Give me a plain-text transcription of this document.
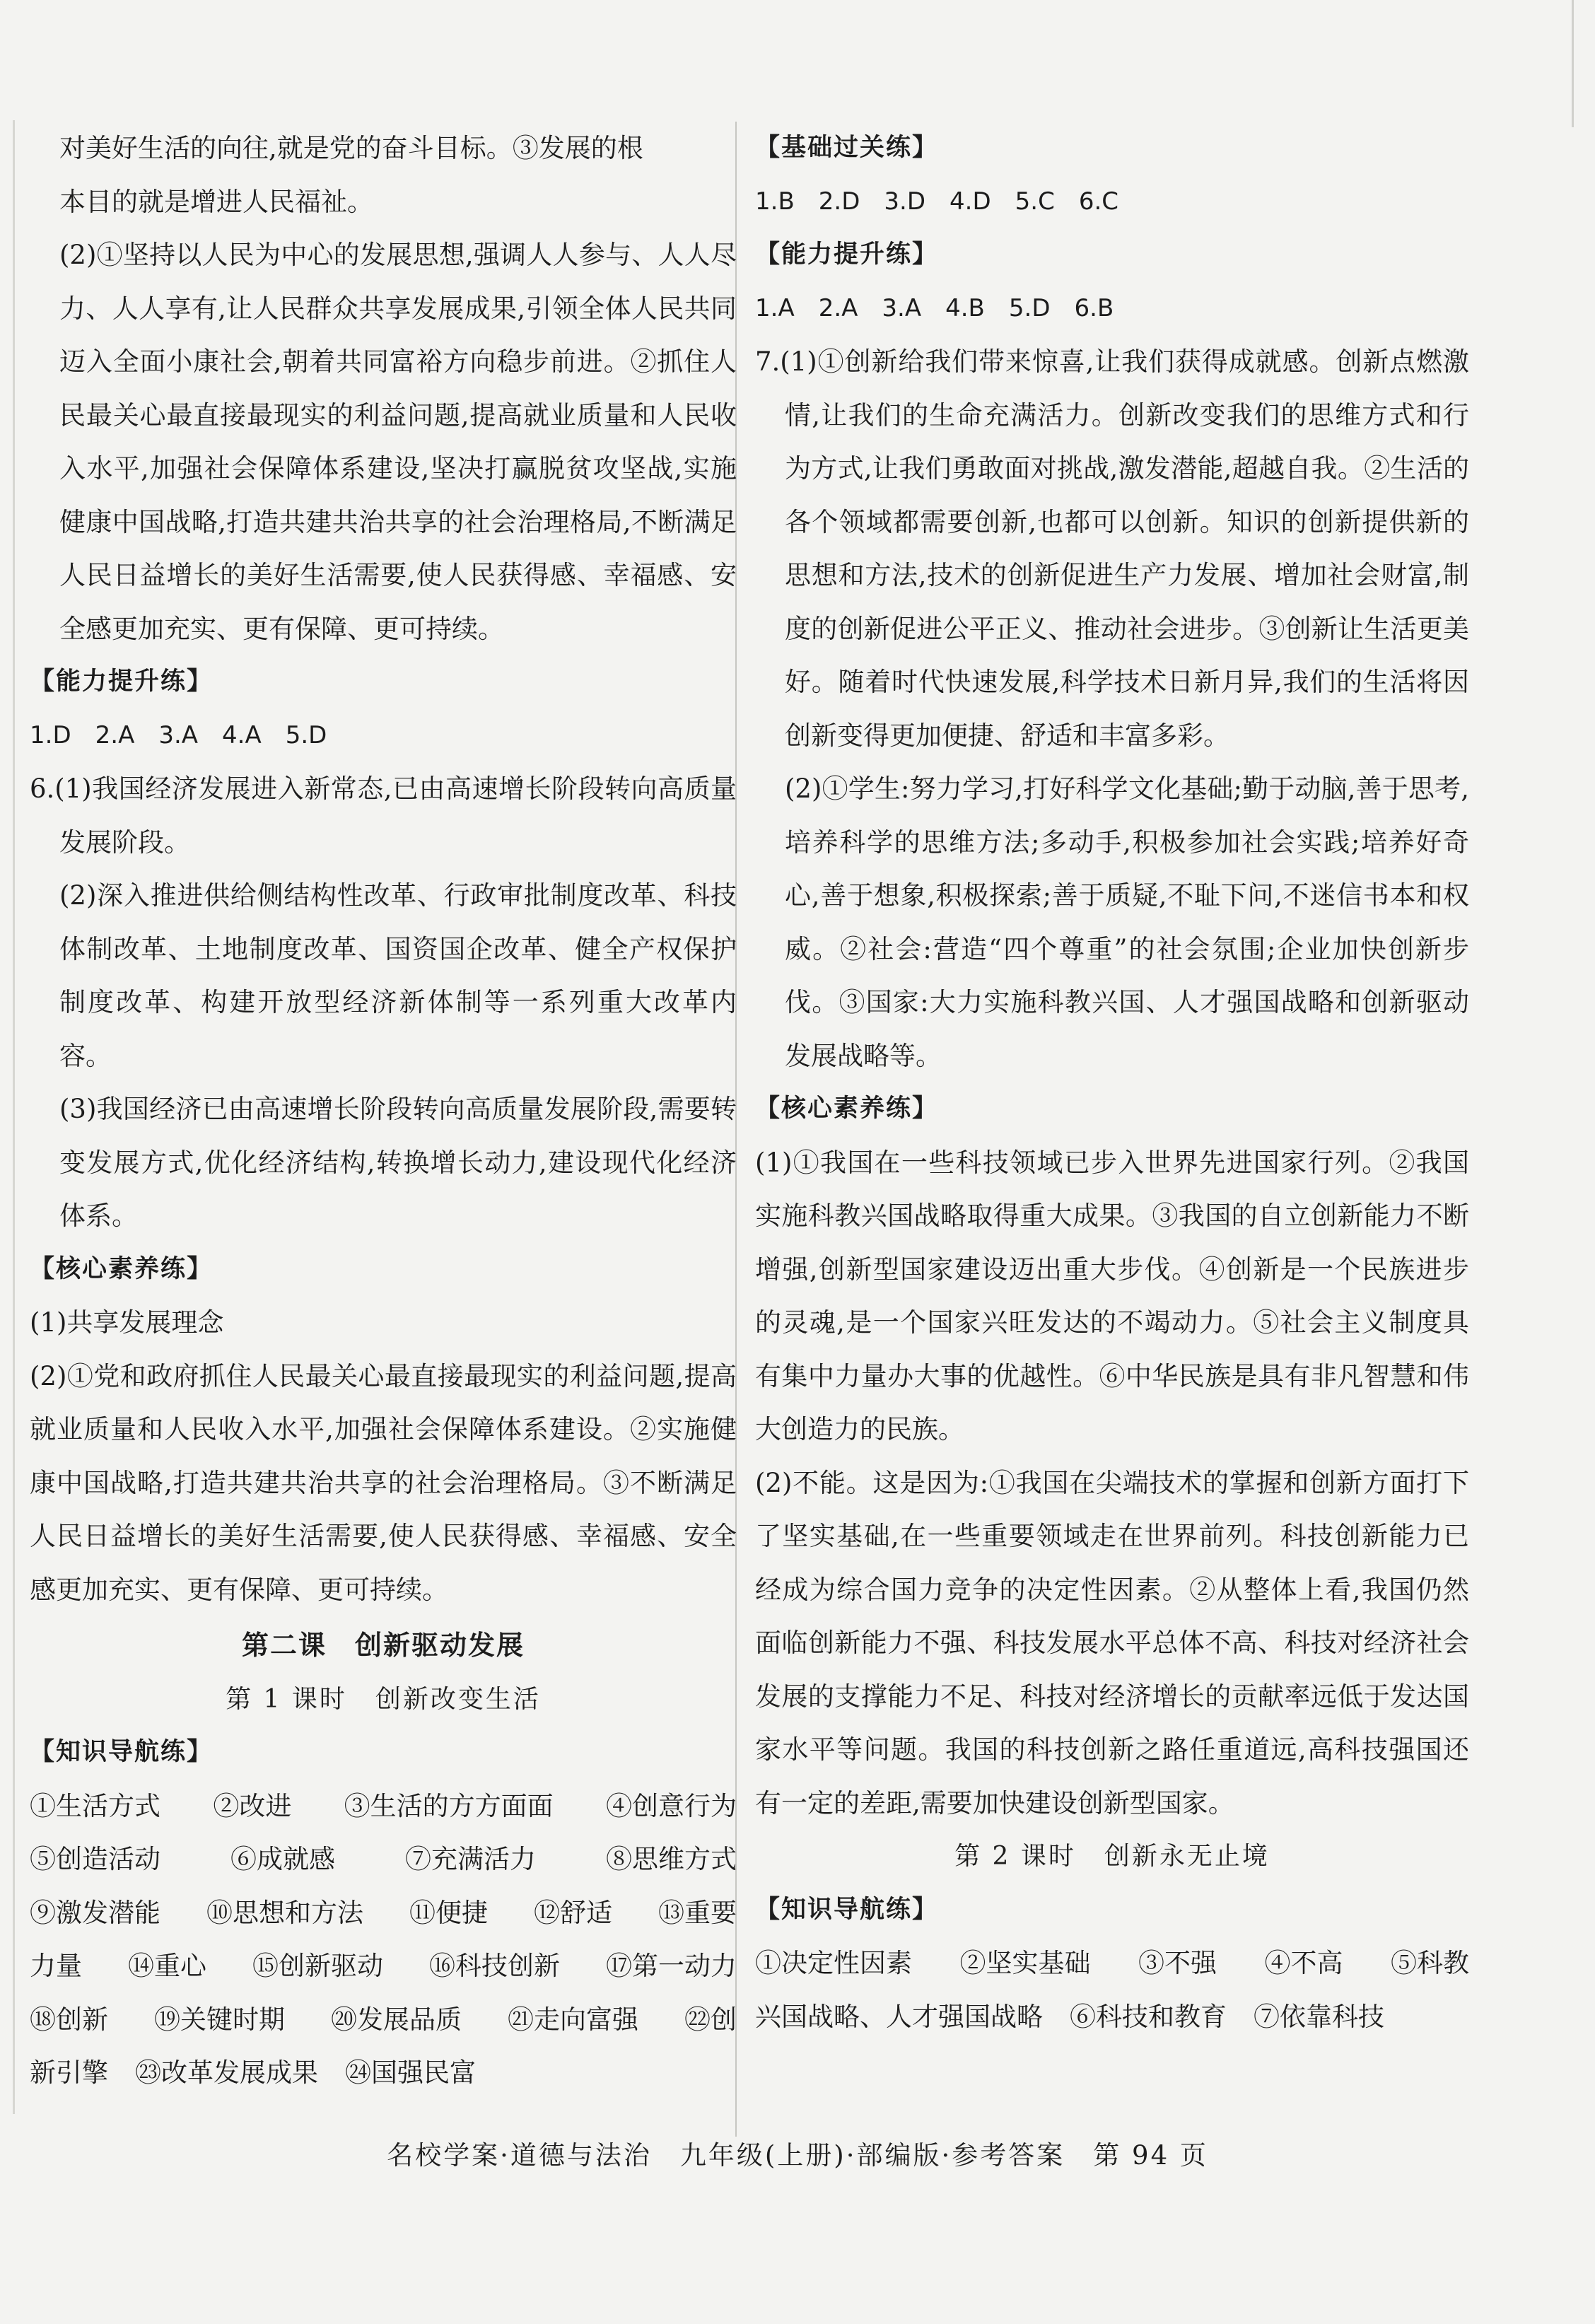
对美好生活的向往,就是党的奋斗目标。③发展的根

本目的就是增进人民福祉。

(2)①坚持以人民为中心的发展思想,强调人人参与、人人尽力、人人享有,让人民群众共享发展成果,引领全体人民共同迈入全面小康社会,朝着共同富裕方向稳步前进。②抓住人民最关心最直接最现实的利益问题,提高就业质量和人民收入水平,加强社会保障体系建设,坚决打赢脱贫攻坚战,实施健康中国战略,打造共建共治共享的社会治理格局,不断满足人民日益增长的美好生活需要,使人民获得感、幸福感、安全感更加充实、更有保障、更可持续。

【能力提升练】

1.D 2.A 3.A 4.A 5.D

6.(1)我国经济发展进入新常态,已由高速增长阶段转向高质量发展阶段。

(2)深入推进供给侧结构性改革、行政审批制度改革、科技体制改革、土地制度改革、国资国企改革、健全产权保护制度改革、构建开放型经济新体制等一系列重大改革内容。

(3)我国经济已由高速增长阶段转向高质量发展阶段,需要转变发展方式,优化经济结构,转换增长动力,建设现代化经济体系。

【核心素养练】

(1)共享发展理念

(2)①党和政府抓住人民最关心最直接最现实的利益问题,提高就业质量和人民收入水平,加强社会保障体系建设。②实施健康中国战略,打造共建共治共享的社会治理格局。③不断满足人民日益增长的美好生活需要,使人民获得感、幸福感、安全感更加充实、更有保障、更可持续。

第二课 创新驱动发展

第 1 课时 创新改变生活

【知识导航练】

①生活方式 ②改进 ③生活的方方面面 ④创意行为

⑤创造活动	⑥成就感	⑦充满活力	⑧思维方式

⑨激发潜能 ⑩思想和方法 ⑪便捷 ⑫舒适 ⑬重要

力量 ⑭重心 ⑮创新驱动 ⑯科技创新 ⑰第一动力

⑱创新 ⑲关键时期 ⑳发展品质 ㉑走向富强 ㉒创

新引擎 ㉓改革发展成果 ㉔国强民富

【基础过关练】

1.B 2.D 3.D 4.D 5.C 6.C

【能力提升练】

1.A 2.A 3.A 4.B 5.D 6.B

7.(1)①创新给我们带来惊喜,让我们获得成就感。创新点燃激情,让我们的生命充满活力。创新改变我们的思维方式和行为方式,让我们勇敢面对挑战,激发潜能,超越自我。②生活的各个领域都需要创新,也都可以创新。知识的创新提供新的思想和方法,技术的创新促进生产力发展、增加社会财富,制度的创新促进公平正义、推动社会进步。③创新让生活更美好。随着时代快速发展,科学技术日新月异,我们的生活将因创新变得更加便捷、舒适和丰富多彩。

(2)①学生:努力学习,打好科学文化基础;勤于动脑,善于思考,培养科学的思维方法;多动手,积极参加社会实践;培养好奇心,善于想象,积极探索;善于质疑,不耻下问,不迷信书本和权威。②社会:营造“四个尊重”的社会氛围;企业加快创新步伐。③国家:大力实施科教兴国、人才强国战略和创新驱动发展战略等。

【核心素养练】

(1)①我国在一些科技领域已步入世界先进国家行列。②我国实施科教兴国战略取得重大成果。③我国的自立创新能力不断增强,创新型国家建设迈出重大步伐。④创新是一个民族进步的灵魂,是一个国家兴旺发达的不竭动力。⑤社会主义制度具有集中力量办大事的优越性。⑥中华民族是具有非凡智慧和伟大创造力的民族。

(2)不能。这是因为:①我国在尖端技术的掌握和创新方面打下了坚实基础,在一些重要领域走在世界前列。科技创新能力已经成为综合国力竞争的决定性因素。②从整体上看,我国仍然面临创新能力不强、科技发展水平总体不高、科技对经济社会发展的支撑能力不足、科技对经济增长的贡献率远低于发达国家水平等问题。我国的科技创新之路任重道远,高科技强国还有一定的差距,需要加快建设创新型国家。

第 2 课时 创新永无止境

【知识导航练】

①决定性因素 ②坚实基础 ③不强 ④不高 ⑤科教

兴国战略、人才强国战略 ⑥科技和教育 ⑦依靠科技

名校学案·道德与法治　九年级(上册)·部编版·参考答案　第 94 页
